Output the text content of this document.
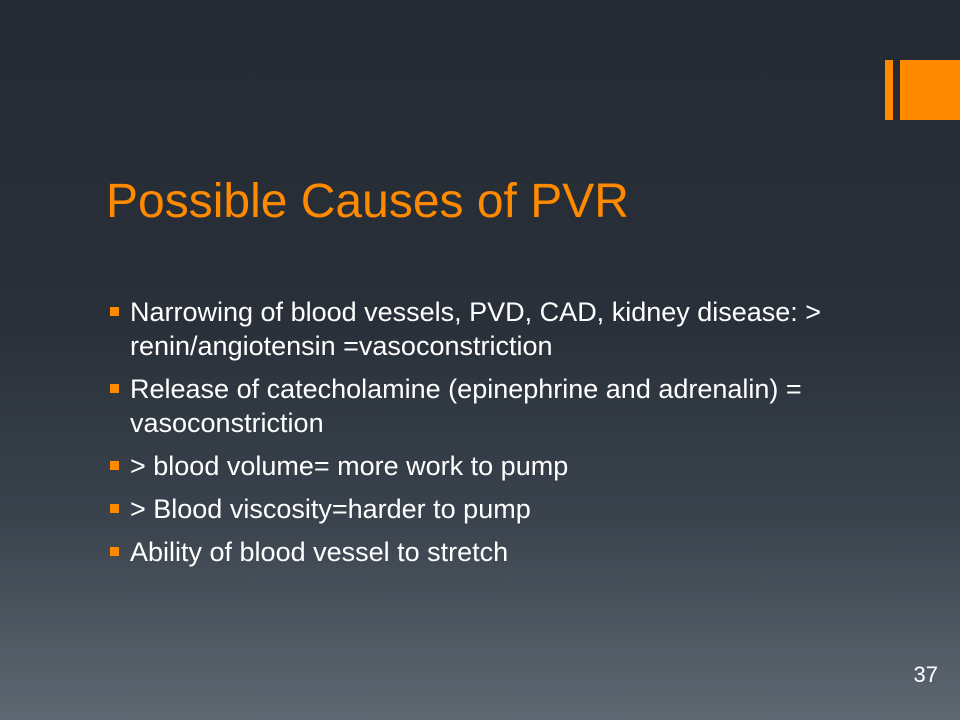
Possible Causes of PVR
Narrowing of blood vessels, PVD, CAD, kidney disease: > renin/angiotensin =vasoconstriction
Release of catecholamine (epinephrine and adrenalin) = vasoconstriction
> blood volume= more work to pump
> Blood viscosity=harder to pump
Ability of blood vessel to stretch
37
